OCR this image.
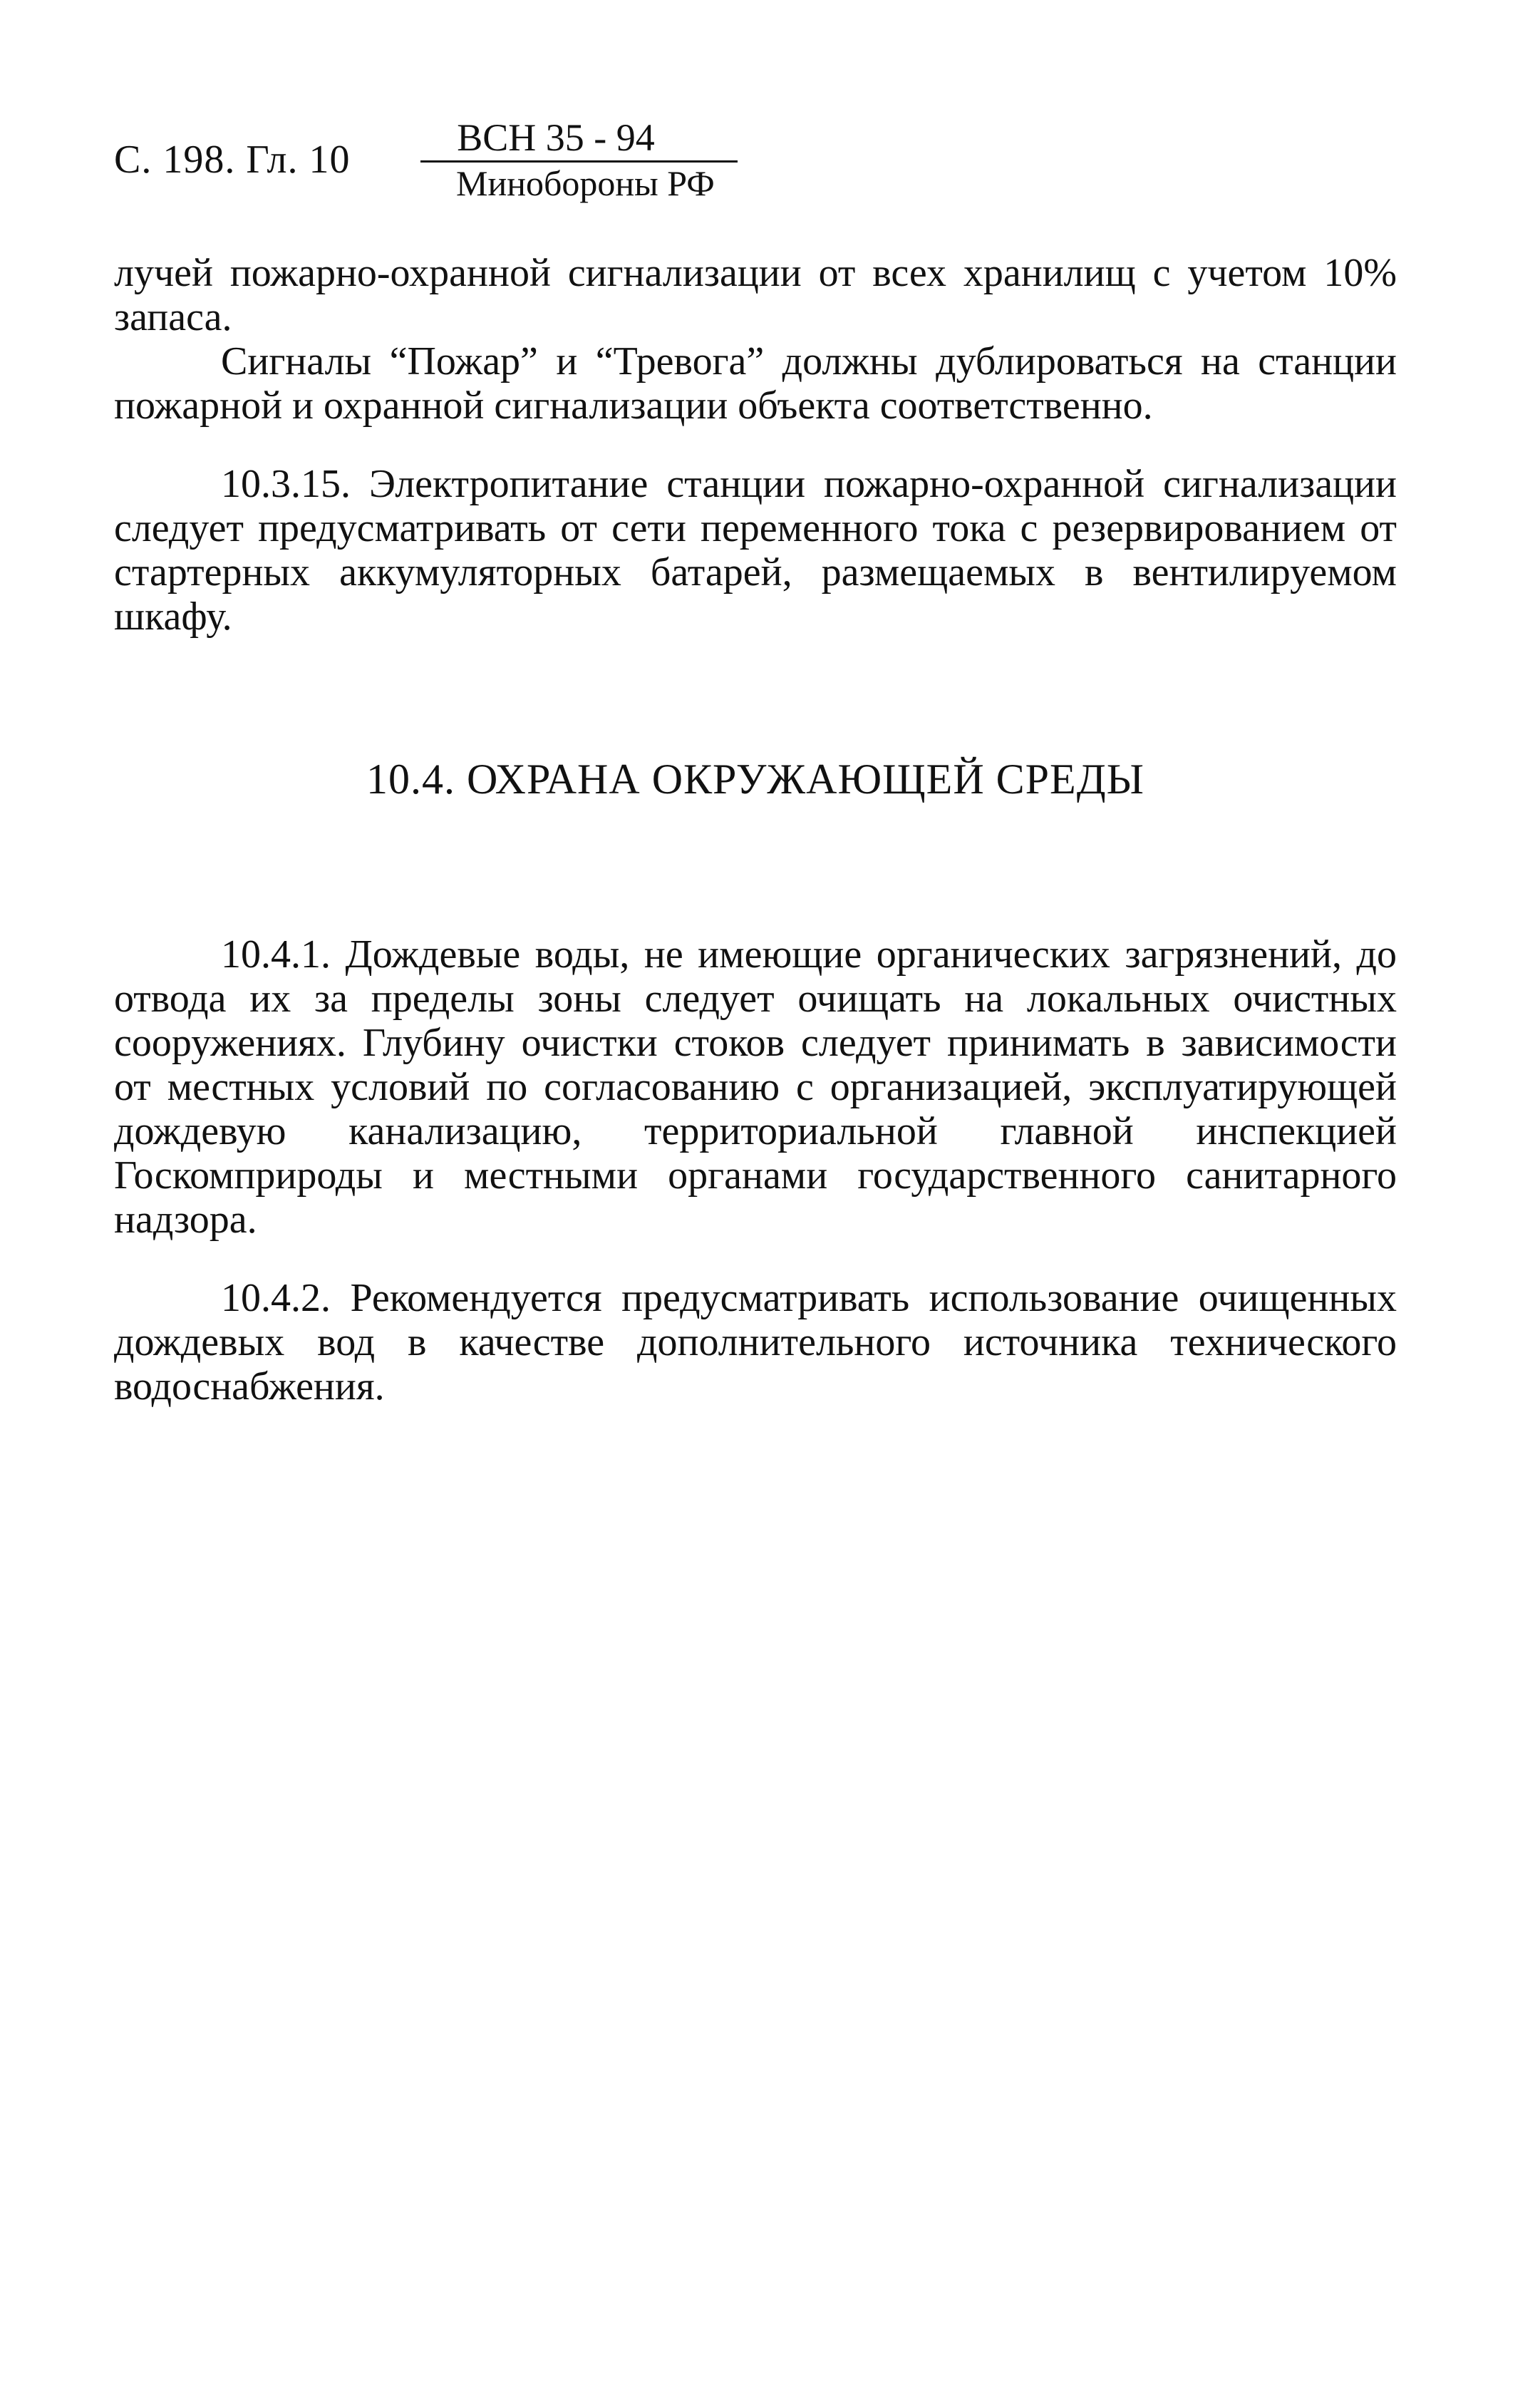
С. 198. Гл. 10	ВСН 35 - 94
Минобороны РФ

лучей пожарно-охранной сигнализации от всех хранилищ с учетом 10% запаса.

Сигналы “Пожар” и “Тревога” должны дублироваться на станции пожарной и охранной сигнализации объекта соответственно.

10.3.15. Электропитание станции пожарно-охранной сигнализации следует предусматривать от сети переменного тока с резервированием от стартерных аккумуляторных батарей, размещаемых в вентилируемом шкафу.

10.4. ОХРАНА ОКРУЖАЮЩЕЙ СРЕДЫ

10.4.1. Дождевые воды, не имеющие органических загрязнений, до отвода их за пределы зоны следует очищать на локальных очистных сооружениях. Глубину очистки стоков следует принимать в зависимости от местных условий по согласованию с организацией, эксплуатирующей дождевую канализацию, территориальной главной инспекцией Госкомприроды и местными органами государственного санитарного надзора.

10.4.2. Рекомендуется предусматривать использование очищенных дождевых вод в качестве дополнительного источника технического водоснабжения.
